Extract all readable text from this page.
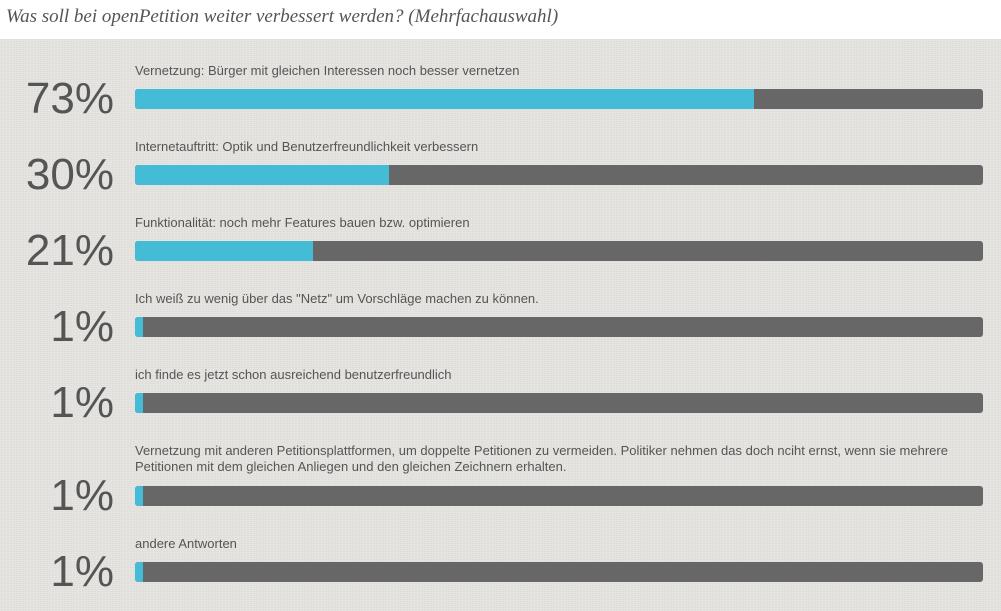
Was soll bei openPetition weiter verbessert werden? (Mehrfachauswahl)
73%
Vernetzung: Bürger mit gleichen Interessen noch besser vernetzen
30%
Internetauftritt: Optik und Benutzerfreundlichkeit verbessern
21%
Funktionalität: noch mehr Features bauen bzw. optimieren
1%
Ich weiß zu wenig über das "Netz" um Vorschläge machen zu können.
1%
ich finde es jetzt schon ausreichend benutzerfreundlich
1%
Vernetzung mit anderen Petitionsplattformen, um doppelte Petitionen zu vermeiden. Politiker nehmen das doch nciht ernst, wenn sie mehrere Petitionen mit dem gleichen Anliegen und den gleichen Zeichnern erhalten.
1%
andere Antworten
